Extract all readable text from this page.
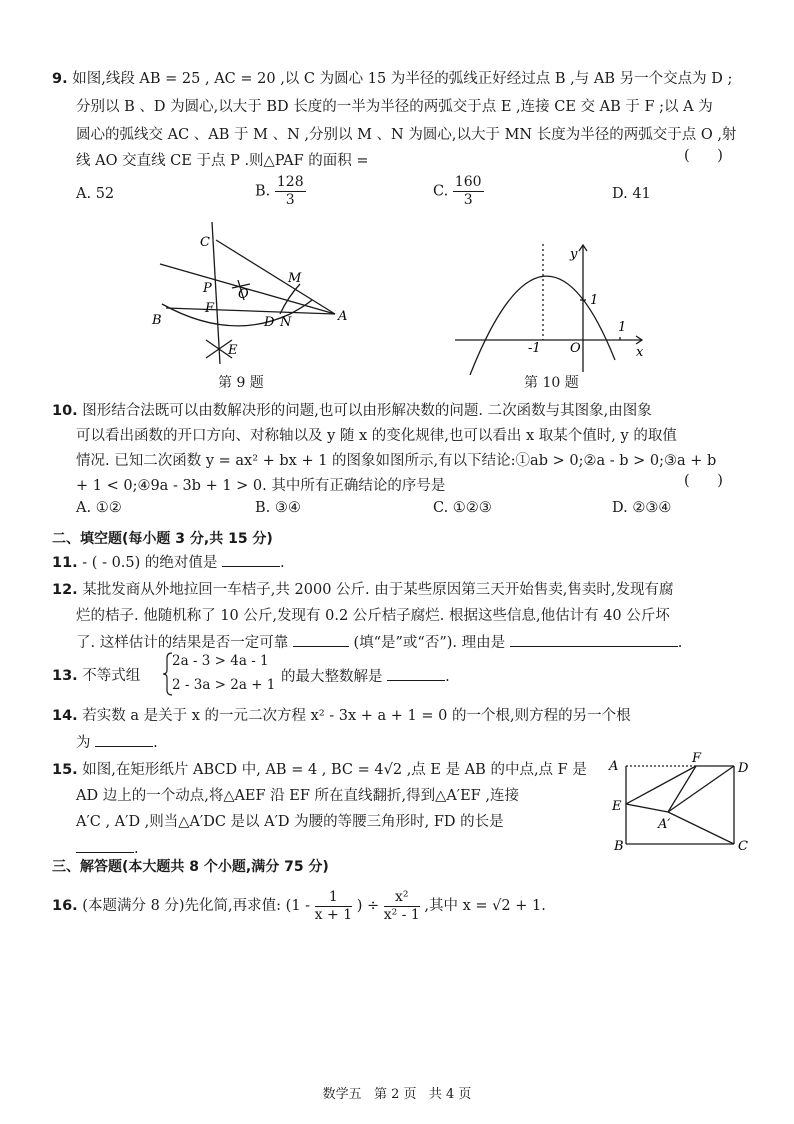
9. 如图,线段 AB = 25 , AC = 20 ,以 C 为圆心 15 为半径的弧线正好经过点 B ,与 AB 另一个交点为 D ;
分别以 B 、D 为圆心,以大于 BD 长度的一半为半径的两弧交于点 E ,连接 CE 交 AB 于 F ;以 A 为
圆心的弧线交 AC 、AB 于 M 、N ,分别以 M 、N 为圆心,以大于 MN 长度为半径的两弧交于点 O ,射
线 AO 交直线 CE 于点 P .则△PAF 的面积 =	(      )
A. 52	B. $\frac{128}{3}$	C. $\frac{160}{3}$	D. 41
C
P O
M
F
B	D N	A
E
第 9 题
y
x
1
1
-1 O
第 10 题
10. 图形结合法既可以由数解决形的问题,也可以由形解决数的问题. 二次函数与其图象,由图象
可以看出函数的开口方向、对称轴以及 y 随 x 的变化规律,也可以看出 x 取某个值时, y 的取值
情况. 已知二次函数 y = ax² + bx + 1 的图象如图所示,有以下结论:①ab > 0;②a - b > 0;③a + b
+ 1 < 0;④9a - 3b + 1 > 0. 其中所有正确结论的序号是	(      )
A. ①②	B. ③④	C. ①②③	D. ②③④
二、填空题(每小题 3 分,共 15 分)
11. - ( - 0.5) 的绝对值是	.
12. 某批发商从外地拉回一车桔子,共 2000 公斤. 由于某些原因第三天开始售卖,售卖时,发现有腐
烂的桔子. 他随机称了 10 公斤,发现有 0.2 公斤桔子腐烂. 根据这些信息,他估计有 40 公斤坏
了. 这样估计的结果是否一定可靠	(填“是”或“否”). 理由是	.
13. 不等式组
2a - 3 > 4a - 1
2 - 3a > 2a + 1 的最大整数解是	.
14. 若实数 a 是关于 x 的一元二次方程 x² - 3x + a + 1 = 0 的一个根,则方程的另一个根
为	.
15. 如图,在矩形纸片 ABCD 中, AB = 4 , BC = 4√2 ,点 E 是 AB 的中点,点 F 是
AD 边上的一个动点,将△AEF 沿 EF 所在直线翻折,得到△A′EF ,连接
A′C , A′D ,则当△A′DC 是以 A′D 为腰的等腰三角形时, FD 的长是
.
A
F
D
E
A′
B	C
三、解答题(本大题共 8 个小题,满分 75 分)
16. (本题满分 8 分)先化简,再求值: ($1 - \frac{1}{x + 1}$ ) ÷ $\frac{\text{x²}}{\text{x² - 1}}$ ,其中 x = √2 + 1.
数学五   第 2 页   共 4 页
